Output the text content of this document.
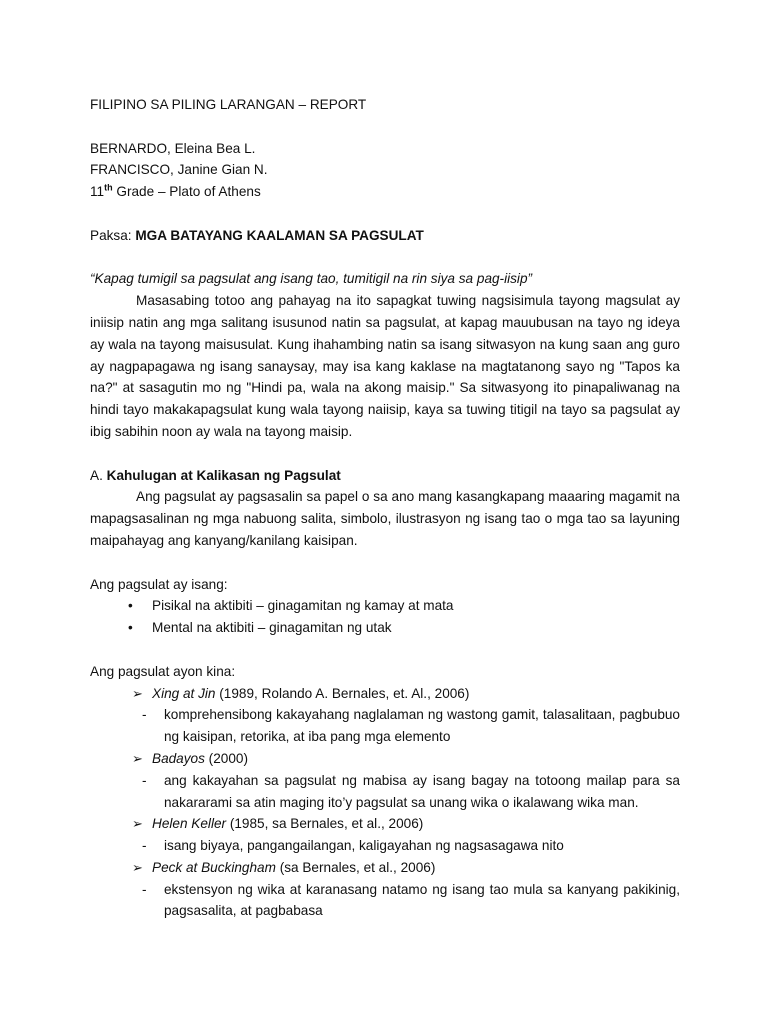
FILIPINO SA PILING LARANGAN – REPORT
BERNARDO, Eleina Bea L.
FRANCISCO, Janine Gian N.
11th Grade – Plato of Athens
Paksa: MGA BATAYANG KAALAMAN SA PAGSULAT
“Kapag tumigil sa pagsulat ang isang tao, tumitigil na rin siya sa pag-iisip”
Masasabing totoo ang pahayag na ito sapagkat tuwing nagsisimula tayong magsulat ay iniisip natin ang mga salitang isusunod natin sa pagsulat, at kapag mauubusan na tayo ng ideya ay wala na tayong maisusulat. Kung ihahambing natin sa isang sitwasyon na kung saan ang guro ay nagpapagawa ng isang sanaysay, may isa kang kaklase na magtatanong sayo ng "Tapos ka na?" at sasagutin mo ng "Hindi pa, wala na akong maisip." Sa sitwasyong ito pinapaliwanag na hindi tayo makakapagsulat kung wala tayong naiisip, kaya sa tuwing titigil na tayo sa pagsulat ay ibig sabihin noon ay wala na tayong maisip.
A. Kahulugan at Kalikasan ng Pagsulat
Ang pagsulat ay pagsasalin sa papel o sa ano mang kasangkapang maaaring magamit na mapagsasalinan ng mga nabuong salita, simbolo, ilustrasyon ng isang tao o mga tao sa layuning maipahayag ang kanyang/kanilang kaisipan.
Ang pagsulat ay isang:
• Pisikal na aktibiti – ginagamitan ng kamay at mata
• Mental na aktibiti – ginagamitan ng utak
Ang pagsulat ayon kina:
➢ Xing at Jin (1989, Rolando A. Bernales, et. Al., 2006)
- komprehensibong kakayahang naglalaman ng wastong gamit, talasalitaan, pagbubuo ng kaisipan, retorika, at iba pang mga elemento
➢ Badayos (2000)
- ang kakayahan sa pagsulat ng mabisa ay isang bagay na totoong mailap para sa nakararami sa atin maging ito’y pagsulat sa unang wika o ikalawang wika man.
➢ Helen Keller (1985, sa Bernales, et al., 2006)
- isang biyaya, pangangailangan, kaligayahan ng nagsasagawa nito
➢ Peck at Buckingham (sa Bernales, et al., 2006)
- ekstensyon ng wika at karanasang natamo ng isang tao mula sa kanyang pakikinig, pagsasalita, at pagbabasa
